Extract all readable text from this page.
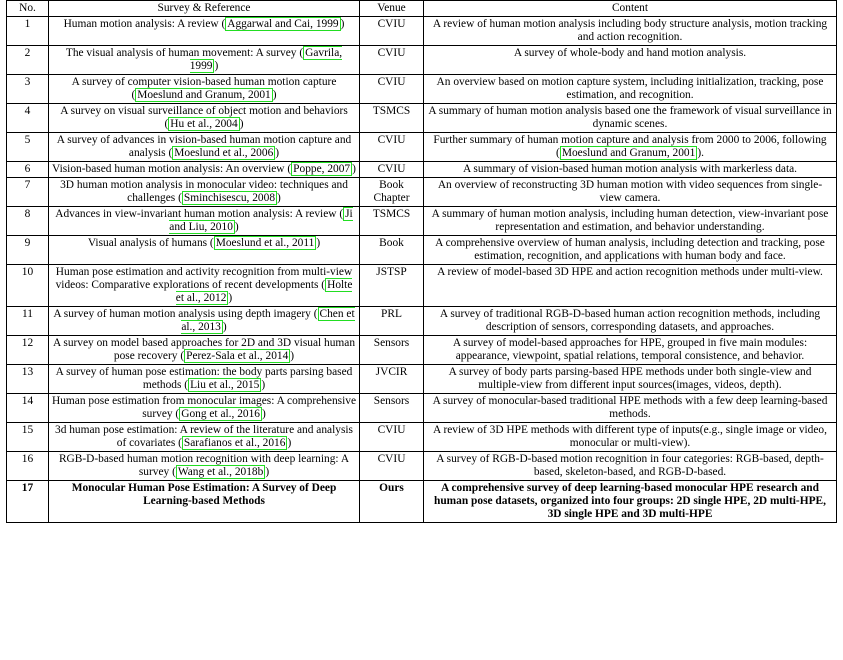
No.	Survey & Reference	Venue	Content
1	Human motion analysis: A review ( Aggarwal and Cai, 1999 )	CVIU	A review of human motion analysis including body structure analysis, motion tracking and action recognition.
2	The visual analysis of human movement: A survey ( Gavrila, 1999 )	CVIU	A survey of whole-body and hand motion analysis.
3	A survey of computer vision-based human motion capture ( Moeslund and Granum, 2001 )	CVIU	An overview based on motion capture system, including initialization, tracking, pose estimation, and recognition.
4	A survey on visual surveillance of object motion and behaviors ( Hu et al., 2004 )	TSMCS	A summary of human motion analysis based one the framework of visual surveillance in dynamic scenes.
5	A survey of advances in vision-based human motion capture and analysis ( Moeslund et al., 2006 )	CVIU	Further summary of human motion capture and analysis from 2000 to 2006, following ( Moeslund and Granum, 2001 ).
6	Vision-based human motion analysis: An overview ( Poppe, 2007 )	CVIU	A summary of vision-based human motion analysis with markerless data.
7	3D human motion analysis in monocular video: techniques and challenges ( Sminchisescu, 2008 )	Book Chapter	An overview of reconstructing 3D human motion with video sequences from single-view camera.
8	Advances in view-invariant human motion analysis: A review ( Ji and Liu, 2010 )	TSMCS	A summary of human motion analysis, including human detection, view-invariant pose representation and estimation, and behavior understanding.
9	Visual analysis of humans ( Moeslund et al., 2011 )	Book	A comprehensive overview of human analysis, including detection and tracking, pose estimation, recognition, and applications with human body and face.
10	Human pose estimation and activity recognition from multi-view videos: Comparative explorations of recent developments ( Holte et al., 2012 )	JSTSP	A review of model-based 3D HPE and action recognition methods under multi-view.
11	A survey of human motion analysis using depth imagery ( Chen et al., 2013 )	PRL	A survey of traditional RGB-D-based human action recognition methods, including description of sensors, corresponding datasets, and approaches.
12	A survey on model based approaches for 2D and 3D visual human pose recovery ( Perez-Sala et al., 2014 )	Sensors	A survey of model-based approaches for HPE, grouped in five main modules: appearance, viewpoint, spatial relations, temporal consistence, and behavior.
13	A survey of human pose estimation: the body parts parsing based methods ( Liu et al., 2015 )	JVCIR	A survey of body parts parsing-based HPE methods under both single-view and multiple-view from different input sources(images, videos, depth).
14	Human pose estimation from monocular images: A comprehensive survey ( Gong et al., 2016 )	Sensors	A survey of monocular-based traditional HPE methods with a few deep learning-based methods.
15	3d human pose estimation: A review of the literature and analysis of covariates ( Sarafianos et al., 2016 )	CVIU	A review of 3D HPE methods with different type of inputs(e.g., single image or video, monocular or multi-view).
16	RGB-D-based human motion recognition with deep learning: A survey ( Wang et al., 2018b )	CVIU	A survey of RGB-D-based motion recognition in four categories: RGB-based, depth-based, skeleton-based, and RGB-D-based.
17	Monocular Human Pose Estimation: A Survey of Deep Learning-based Methods	Ours	A comprehensive survey of deep learning-based monocular HPE research and human pose datasets, organized into four groups: 2D single HPE, 2D multi-HPE, 3D single HPE and 3D multi-HPE
